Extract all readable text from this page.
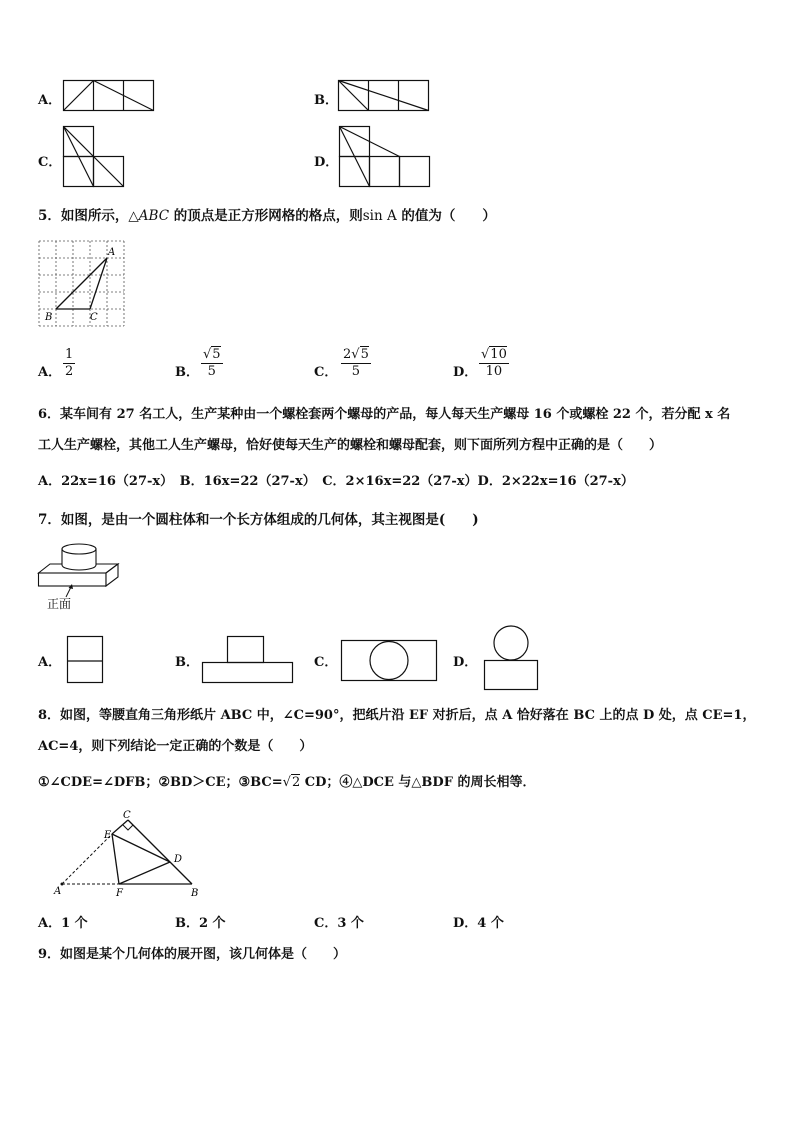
A．	B．
C．	D．
5．如图所示，△ABC 的顶点是正方形网格的格点，则sin A 的值为（　　）
A
B	C
A． $\frac{1}{2}$	B． $\frac{√5}{5}$	C． $\frac{2√5}{5}$	D． $\frac{√10}{10}$
6．某车间有 27 名工人，生产某种由一个螺栓套两个螺母的产品，每人每天生产螺母 16 个或螺栓 22 个，若分配 x 名
工人生产螺栓，其他工人生产螺母，恰好使每天生产的螺栓和螺母配套，则下面所列方程中正确的是（　　）
A．22x=16（27-x）　B．16x=22（27-x）　C．2×16x=22（27-x）D．2×22x=16（27-x）
7．如图，是由一个圆柱体和一个长方体组成的几何体，其主视图是(　　)
正面
A．	B．	C．	D．
8．如图，等腰直角三角形纸片 ABC 中，∠C=90°，把纸片沿 EF 对折后，点 A 恰好落在 BC 上的点 D 处，点 CE=1，
AC=4，则下列结论一定正确的个数是（　　）
①∠CDE=∠DFB；②BD＞CE；③BC=√2 CD；④△DCE 与△BDF 的周长相等．
C
E
D
A	F	B
A．1 个	B．2 个	C．3 个	D．4 个
9．如图是某个几何体的展开图，该几何体是（　　）
